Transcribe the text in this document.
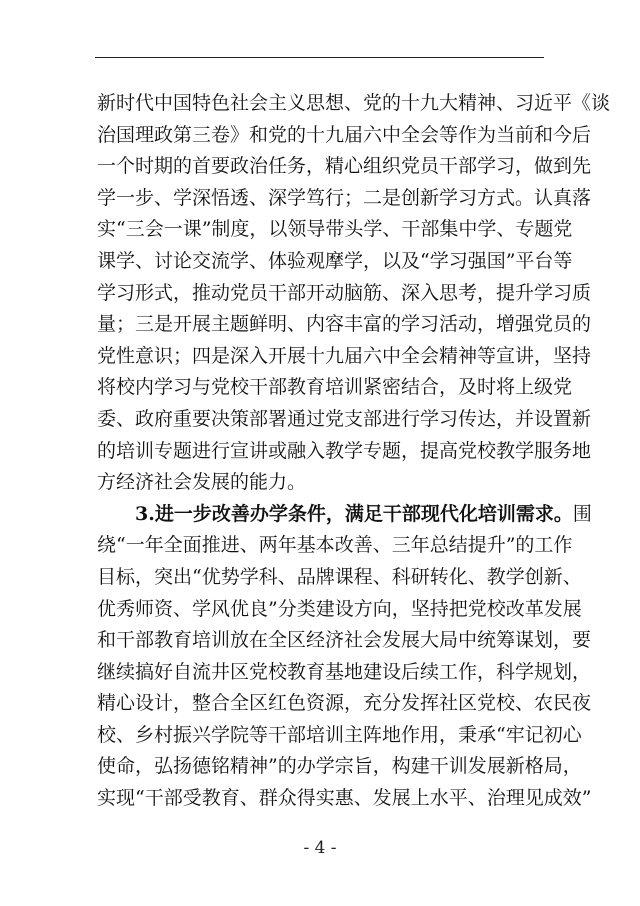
新时代中国特色社会主义思想、党的十九大精神、习近平《谈
治国理政第三卷》和党的十九届六中全会等作为当前和今后
一个时期的首要政治任务，精心组织党员干部学习，做到先
学一步、学深悟透、深学笃行；二是创新学习方式。认真落
实“三会一课”制度，以领导带头学、干部集中学、专题党
课学、讨论交流学、体验观摩学，以及“学习强国”平台等
学习形式，推动党员干部开动脑筋、深入思考，提升学习质
量；三是开展主题鲜明、内容丰富的学习活动，增强党员的
党性意识；四是深入开展十九届六中全会精神等宣讲，坚持
将校内学习与党校干部教育培训紧密结合，及时将上级党
委、政府重要决策部署通过党支部进行学习传达，并设置新
的培训专题进行宣讲或融入教学专题，提高党校教学服务地
方经济社会发展的能力。
3.进一步改善办学条件，满足干部现代化培训需求。围
绕“一年全面推进、两年基本改善、三年总结提升”的工作
目标，突出“优势学科、品牌课程、科研转化、教学创新、
优秀师资、学风优良”分类建设方向，坚持把党校改革发展
和干部教育培训放在全区经济社会发展大局中统筹谋划，要
继续搞好自流井区党校教育基地建设后续工作，科学规划，
精心设计，整合全区红色资源，充分发挥社区党校、农民夜
校、乡村振兴学院等干部培训主阵地作用，秉承“牢记初心
使命，弘扬德铭精神”的办学宗旨，构建干训发展新格局，
实现“干部受教育、群众得实惠、发展上水平、治理见成效”
- 4 -
